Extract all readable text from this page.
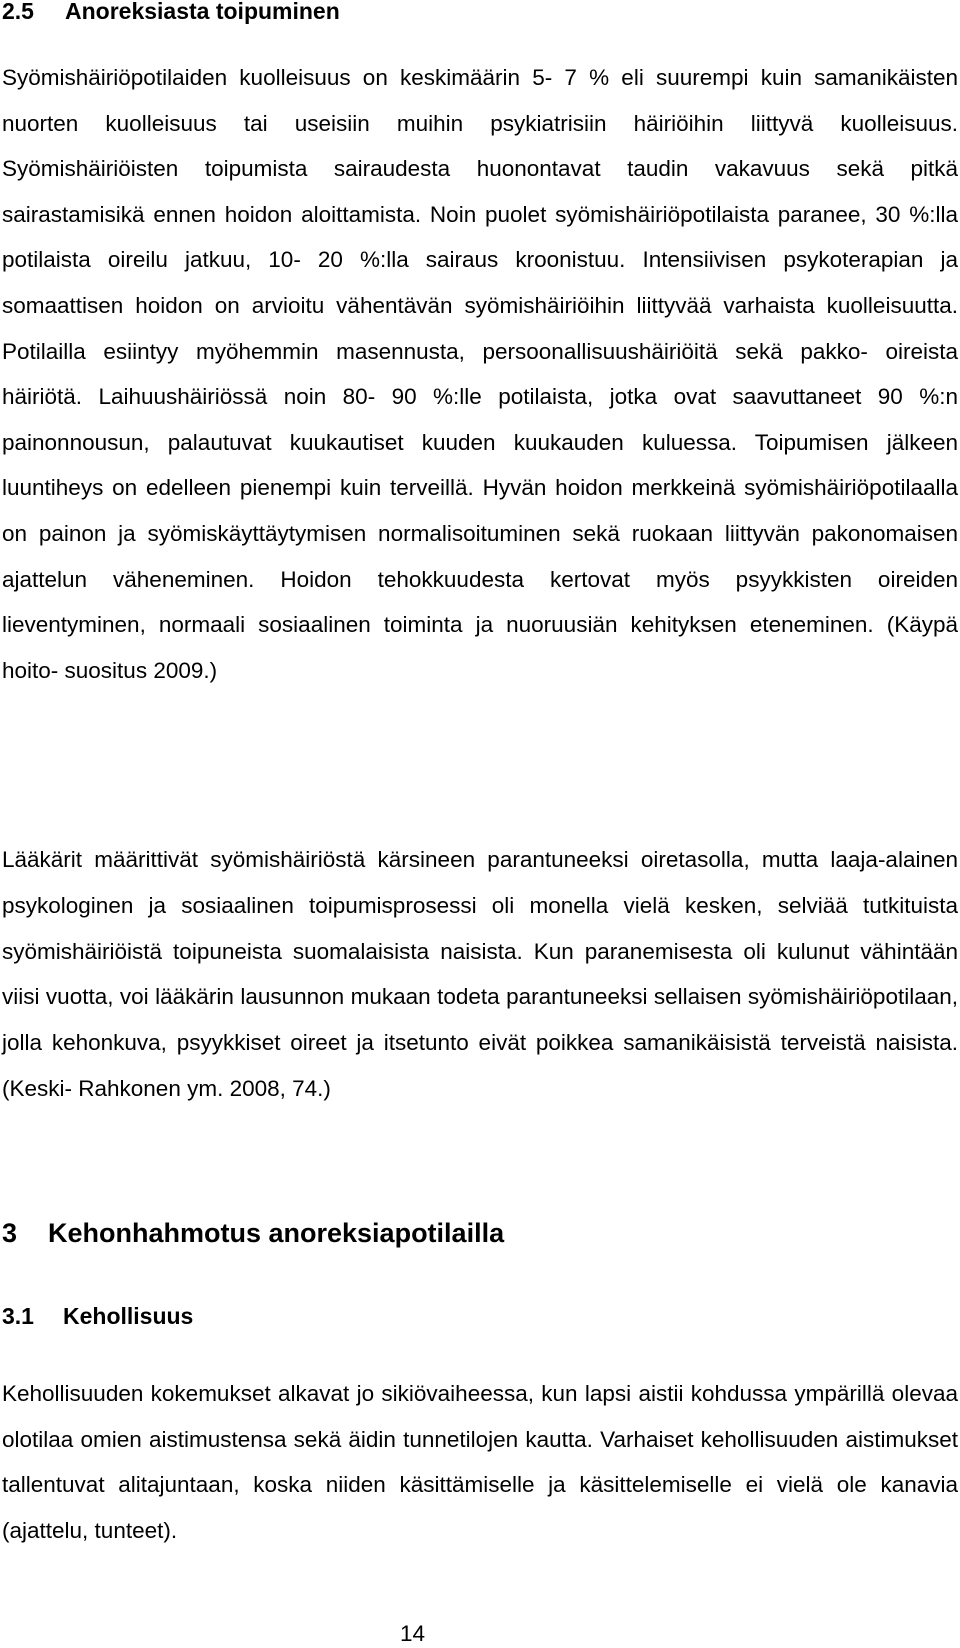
2.5 Anoreksiasta toipuminen

Syömishäiriöpotilaiden kuolleisuus on keskimäärin 5- 7 % eli suurempi kuin samanikäisten nuorten kuolleisuus tai useisiin muihin psykiatrisiin häiriöihin liittyvä kuolleisuus. Syömishäiriöisten toipumista sairaudesta huonontavat taudin vakavuus sekä pitkä sairastamisikä ennen hoidon aloittamista. Noin puolet syömishäiriöpotilaista paranee, 30 %:lla potilaista oireilu jatkuu, 10- 20 %:lla sairaus kroonistuu. Intensiivisen psykoterapian ja somaattisen hoidon on arvioitu vähentävän syömishäiriöihin liittyvää varhaista kuolleisuutta. Potilailla esiintyy myöhemmin masennusta, persoonallisuushäiriöitä sekä pakko- oireista häiriötä. Laihuushäiriössä noin 80- 90 %:lle potilaista, jotka ovat saavuttaneet 90 %:n painonnousun, palautuvat kuukautiset kuuden kuukauden kuluessa. Toipumisen jälkeen luuntiheys on edelleen pienempi kuin terveillä. Hyvän hoidon merkkeinä syömishäiriöpotilaalla on painon ja syömiskäyttäytymisen normalisoituminen sekä ruokaan liittyvän pakonomaisen ajattelun väheneminen. Hoidon tehokkuudesta kertovat myös psyykkisten oireiden lieventyminen, normaali sosiaalinen toiminta ja nuoruusiän kehityksen eteneminen. (Käypä hoito- suositus 2009.)

Lääkärit määrittivät syömishäiriöstä kärsineen parantuneeksi oiretasolla, mutta laaja-alainen psykologinen ja sosiaalinen toipumisprosessi oli monella vielä kesken, selviää tutkituista syömishäiriöistä toipuneista suomalaisista naisista. Kun paranemisesta oli kulunut vähintään viisi vuotta, voi lääkärin lausunnon mukaan todeta parantuneeksi sellaisen syömishäiriöpotilaan, jolla kehonkuva, psyykkiset oireet ja itsetunto eivät poikkea samanikäisistä terveistä naisista. (Keski- Rahkonen ym. 2008, 74.)

3 Kehonhahmotus anoreksiapotilailla
3.1 Kehollisuus

Kehollisuuden kokemukset alkavat jo sikiövaiheessa, kun lapsi aistii kohdussa ympärillä olevaa olotilaa omien aistimustensa sekä äidin tunnetilojen kautta. Varhaiset kehollisuuden aistimukset tallentuvat alitajuntaan, koska niiden käsittämiselle ja käsittelemiselle ei vielä ole kanavia (ajattelu, tunteet).

14
